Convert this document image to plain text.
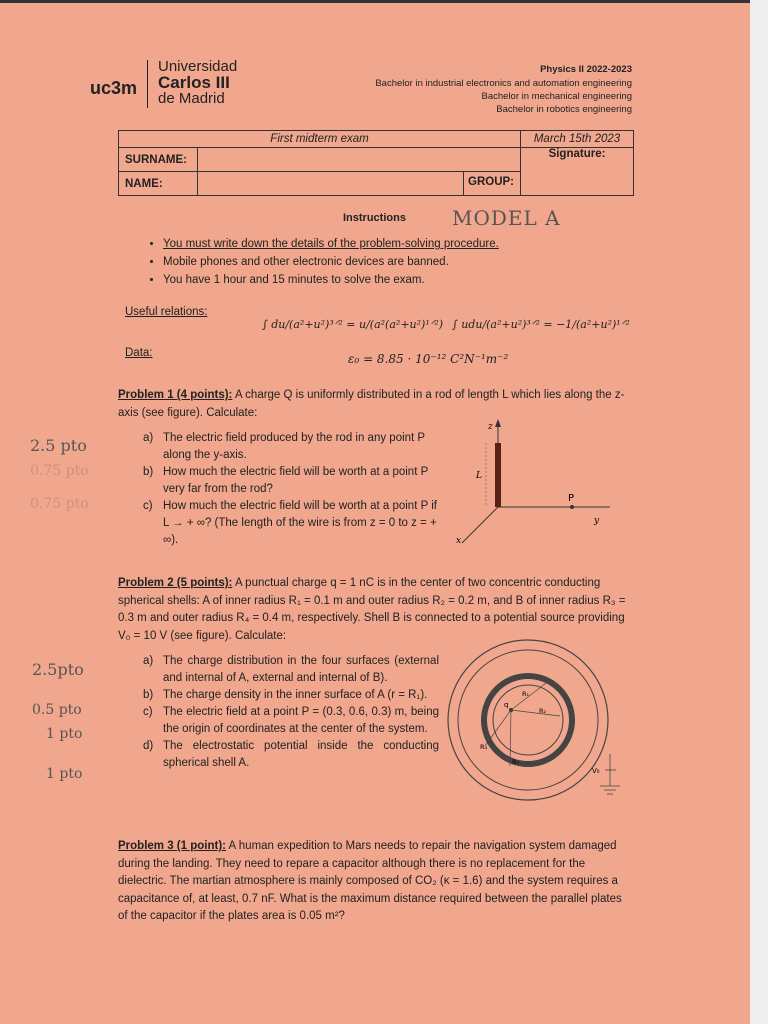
uc3m
Universidad
Carlos III
de Madrid
Physics II 2022-2023
Bachelor in industrial electronics and automation engineering
Bachelor in mechanical engineering
Bachelor in robotics engineering
First midterm exam		March 15th 2023
SURNAME:		Signature:
NAME:	GROUP:	
Instructions MODEL A
• You must write down the details of the problem-solving procedure.
• Mobile phones and other electronic devices are banned.
• You have 1 hour and 15 minutes to solve the exam.
Useful relations:
∫ du/(a²+u²)³ᐟ² = u/(a²(a²+u²)¹ᐟ²) ∫ udu/(a²+u²)³ᐟ² = −1/(a²+u²)¹ᐟ²
Data:	ε₀ = 8.85 · 10⁻¹² C²N⁻¹m⁻²
Problem 1 (4 points): A charge Q is uniformly distributed in a rod of length L which lies along the z-axis (see figure). Calculate:
a) The electric field produced by the rod in any point P along the y-axis.
b) How much the electric field will be worth at a point P very far from the rod?
c) How much the electric field will be worth at a point P if L → + ∞? (The length of the wire is from z = 0 to z = + ∞).
2.5 pto
0.75 pto
0.75 pto
z
L
P
y
x
Problem 2 (5 points): A punctual charge q = 1 nC is in the center of two concentric conducting spherical shells: A of inner radius R₁ = 0.1 m and outer radius R₂ = 0.2 m, and B of inner radius R₃ = 0.3 m and outer radius R₄ = 0.4 m, respectively. Shell B is connected to a potential source providing V₀ = 10 V (see figure). Calculate:
a) The charge distribution in the four surfaces (external and internal of A, external and internal of B).
b) The charge density in the inner surface of A (r = R₁).
c) The electric field at a point P = (0.3, 0.6, 0.3) m, being the origin of coordinates at the center of the system.
d) The electrostatic potential inside the conducting spherical shell A.
2.5pto
0.5 pto
1 pto
1 pto
q
R₁
R₂
R₃
R₄
V₀
Problem 3 (1 point): A human expedition to Mars needs to repair the navigation system damaged during the landing. They need to repare a capacitor although there is no replacement for the dielectric. The martian atmosphere is mainly composed of CO₂ (κ = 1.6) and the system requires a capacitance of, at least, 0.7 nF. What is the maximum distance required between the parallel plates of the capacitor if the plates area is 0.05 m²?
